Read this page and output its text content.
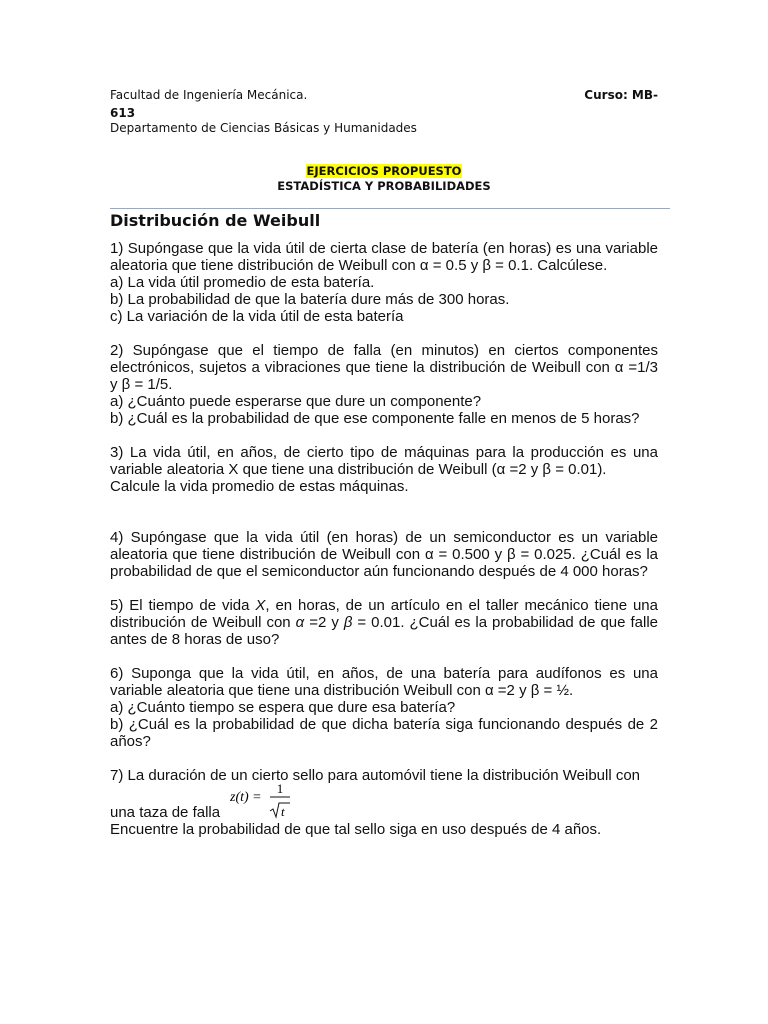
Facultad de Ingeniería Mecánica.	Curso: MB-
613
Departamento de Ciencias Básicas y Humanidades
EJERCICIOS PROPUESTO
ESTADÍSTICA Y PROBABILIDADES
Distribución de Weibull

1) Supóngase que la vida útil de cierta clase de batería (en horas) es una variable aleatoria que tiene distribución de Weibull con α = 0.5 y β = 0.1. Calcúlese.

a) La vida útil promedio de esta batería.

b) La probabilidad de que la batería dure más de 300 horas.

c) La variación de la vida útil de esta batería

2) Supóngase que el tiempo de falla (en minutos) en ciertos componentes electrónicos, sujetos a vibraciones que tiene la distribución de Weibull con α =1/3 y β = 1/5.

a) ¿Cuánto puede esperarse que dure un componente?

b) ¿Cuál es la probabilidad de que ese componente falle en menos de 5 horas?

3) La vida útil, en años, de cierto tipo de máquinas para la producción es una variable aleatoria X que tiene una distribución de Weibull (α =2 y β = 0.01).

Calcule la vida promedio de estas máquinas.

4) Supóngase que la vida útil (en horas) de un semiconductor es un variable aleatoria que tiene distribución de Weibull con α = 0.500 y β = 0.025. ¿Cuál es la probabilidad de que el semiconductor aún funcionando después de 4 000 horas?

5) El tiempo de vida X, en horas, de un artículo en el taller mecánico tiene una distribución de Weibull con α =2 y β = 0.01. ¿Cuál es la probabilidad de que falle antes de 8 horas de uso?

6) Suponga que la vida útil, en años, de una batería para audífonos es una variable aleatoria que tiene una distribución Weibull con α =2 y β = ½.

a) ¿Cuánto tiempo se espera que dure esa batería?

b) ¿Cuál es la probabilidad de que dicha batería siga funcionando después de 2 años?

7) La duración de un cierto sello para automóvil tiene la distribución Weibull con

una taza de falla
z(t) =
1
t

Encuentre la probabilidad de que tal sello siga en uso después de 4 años.
